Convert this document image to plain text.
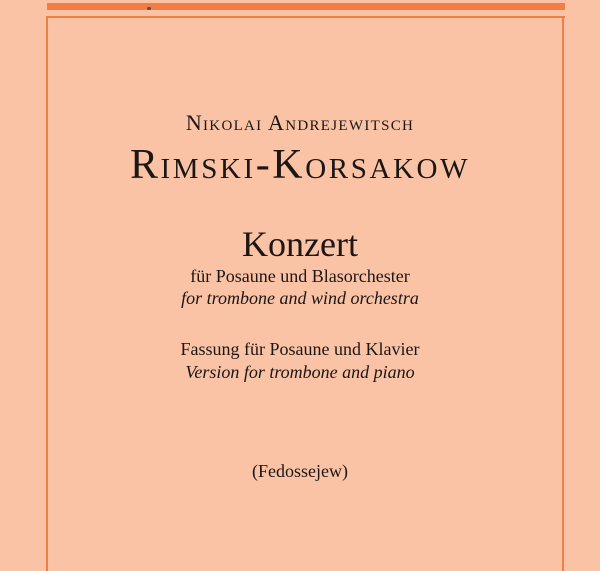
Nikolai Andrejewitsch
Rimski-Korsakow
Konzert
für Posaune und Blasorchester
for trombone and wind orchestra
Fassung für Posaune und Klavier
Version for trombone and piano
(Fedossejew)
